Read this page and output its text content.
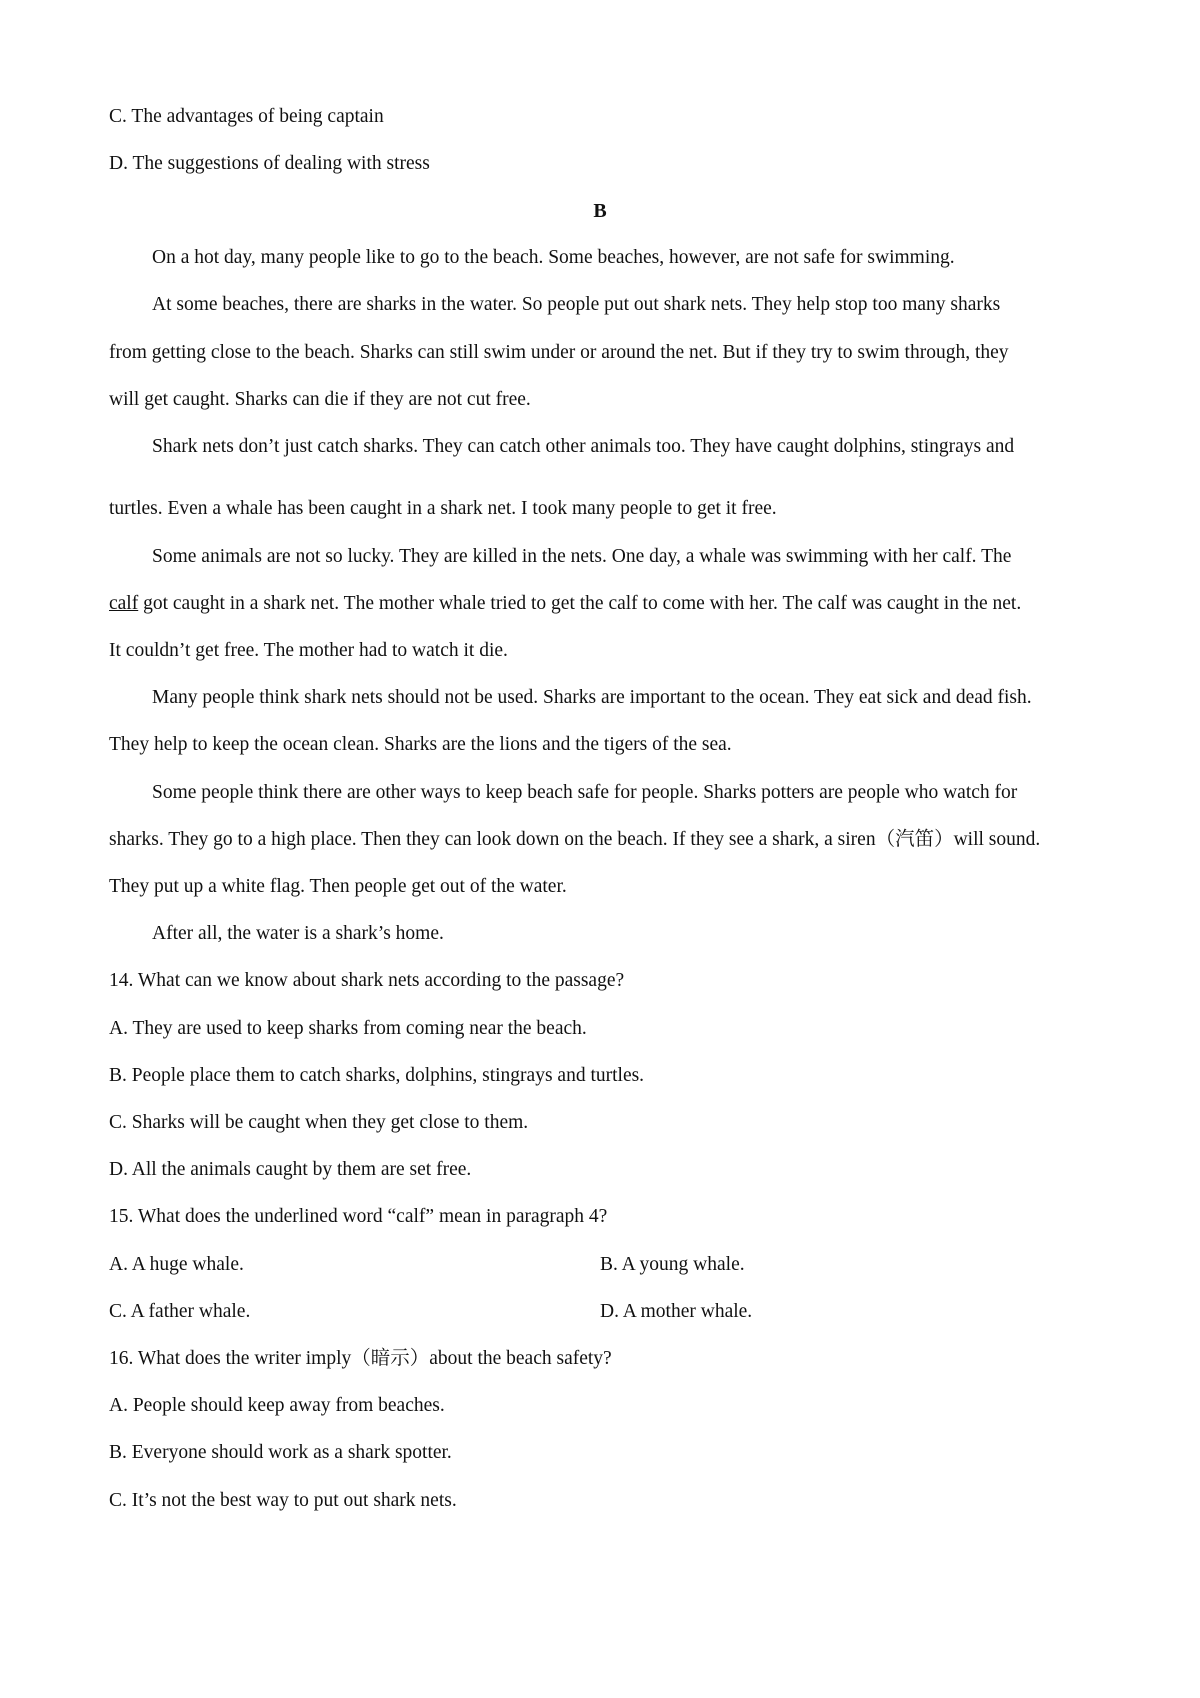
C. The advantages of being captain
D. The suggestions of dealing with stress
B
On a hot day, many people like to go to the beach. Some beaches, however, are not safe for swimming.
At some beaches, there are sharks in the water. So people put out shark nets. They help stop too many sharks
from getting close to the beach. Sharks can still swim under or around the net. But if they try to swim through, they
will get caught. Sharks can die if they are not cut free.
Shark nets don’t just catch sharks. They can catch other animals too. They have caught dolphins, stingrays and
turtles. Even a whale has been caught in a shark net. I took many people to get it free.
Some animals are not so lucky. They are killed in the nets. One day, a whale was swimming with her calf. The
calf got caught in a shark net. The mother whale tried to get the calf to come with her. The calf was caught in the net.
It couldn’t get free. The mother had to watch it die.
Many people think shark nets should not be used. Sharks are important to the ocean. They eat sick and dead fish.
They help to keep the ocean clean. Sharks are the lions and the tigers of the sea.
Some people think there are other ways to keep beach safe for people. Sharks potters are people who watch for
sharks. They go to a high place. Then they can look down on the beach. If they see a shark, a siren（汽笛）will sound.
They put up a white flag. Then people get out of the water.
After all, the water is a shark’s home.
14. What can we know about shark nets according to the passage?
A. They are used to keep sharks from coming near the beach.
B. People place them to catch sharks, dolphins, stingrays and turtles.
C. Sharks will be caught when they get close to them.
D. All the animals caught by them are set free.
15. What does the underlined word “calf” mean in paragraph 4?
A. A huge whale.	B. A young whale.
C. A father whale.	D. A mother whale.
16. What does the writer imply（暗示）about the beach safety?
A. People should keep away from beaches.
B. Everyone should work as a shark spotter.
C. It’s not the best way to put out shark nets.
